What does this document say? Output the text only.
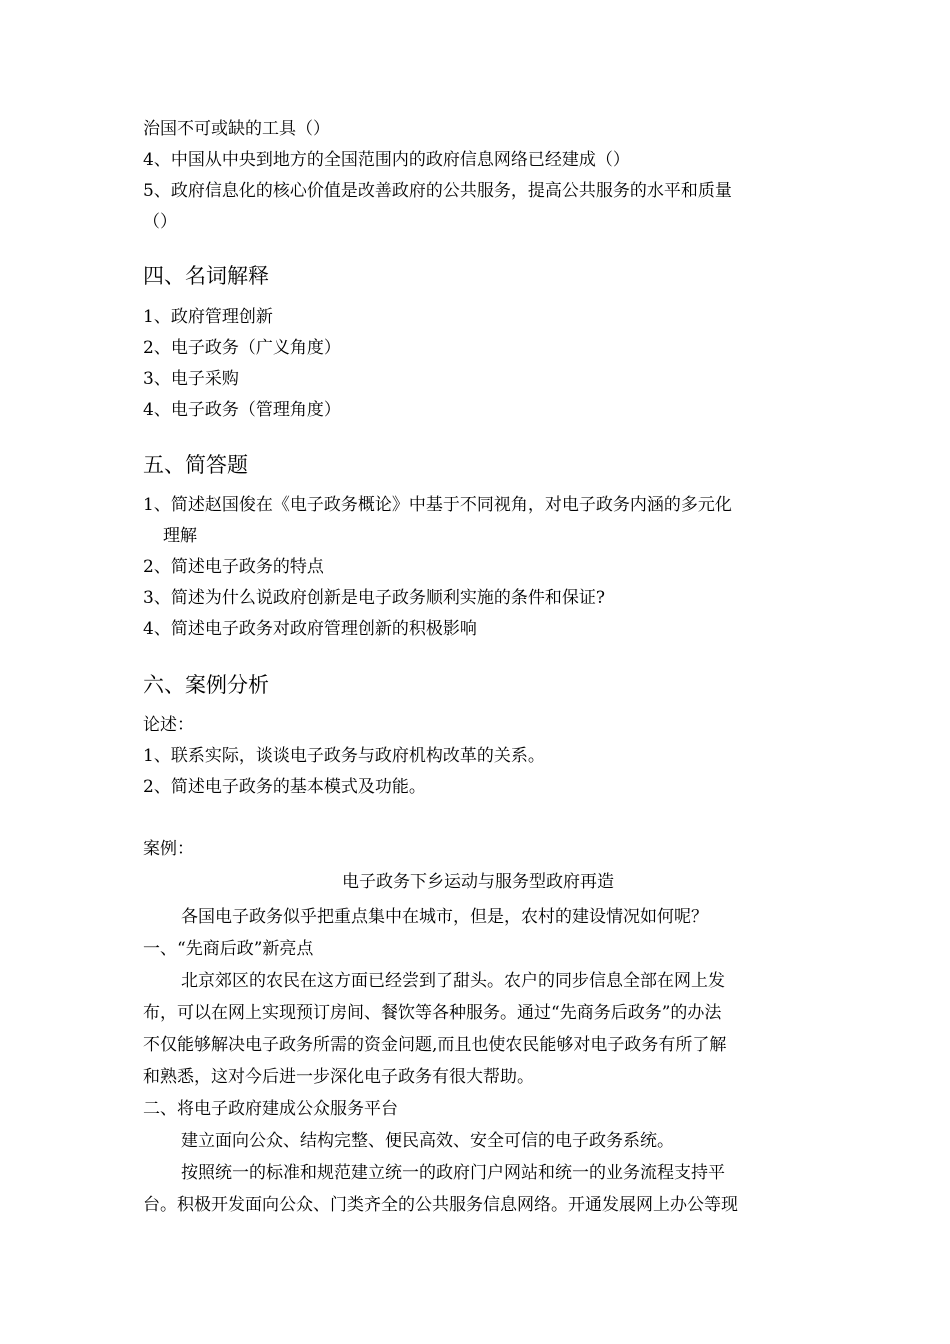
治国不可或缺的工具（）
4、中国从中央到地方的全国范围内的政府信息网络已经建成（）
5、政府信息化的核心价值是改善政府的公共服务，提高公共服务的水平和质量
（）
四、名词解释
1、政府管理创新
2、电子政务（广义角度）
3、电子采购
4、电子政务（管理角度）
五、简答题
1、简述赵国俊在《电子政务概论》中基于不同视角，对电子政务内涵的多元化
理解
2、简述电子政务的特点
3、简述为什么说政府创新是电子政务顺利实施的条件和保证?
4、简述电子政务对政府管理创新的积极影响
六、案例分析
论述：
1、联系实际，谈谈电子政务与政府机构改革的关系。
2、简述电子政务的基本模式及功能。
案例：
电子政务下乡运动与服务型政府再造
各国电子政务似乎把重点集中在城市，但是，农村的建设情况如何呢？
一、“先商后政”新亮点
北京郊区的农民在这方面已经尝到了甜头。农户的同步信息全部在网上发
布，可以在网上实现预订房间、餐饮等各种服务。通过“先商务后政务”的办法
不仅能够解决电子政务所需的资金问题,而且也使农民能够对电子政务有所了解
和熟悉，这对今后进一步深化电子政务有很大帮助。
二、将电子政府建成公众服务平台
建立面向公众、结构完整、便民高效、安全可信的电子政务系统。
按照统一的标准和规范建立统一的政府门户网站和统一的业务流程支持平
台。积极开发面向公众、门类齐全的公共服务信息网络。开通发展网上办公等现
